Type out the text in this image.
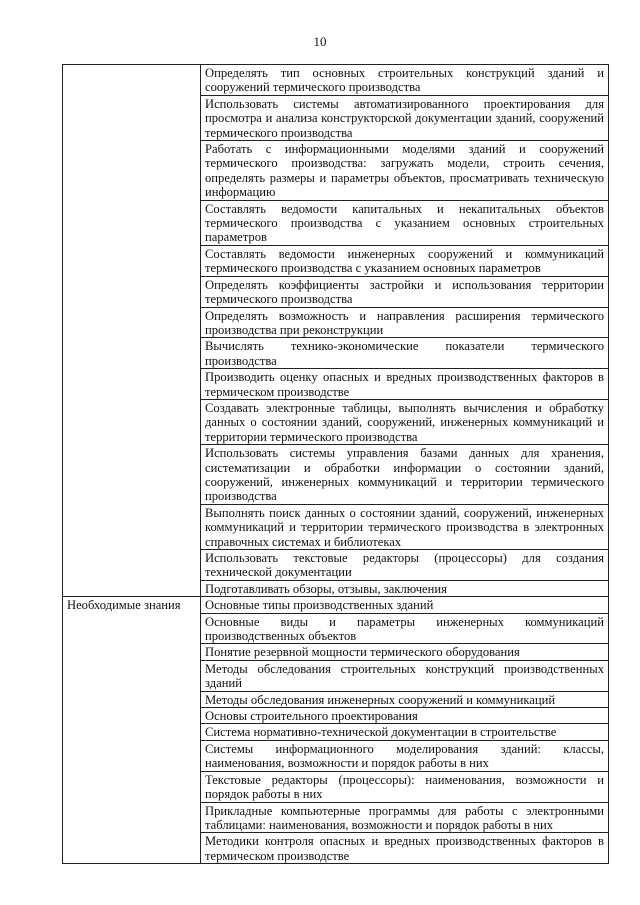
10
	Определять тип основных строительных конструкций зданий и сооружений термического производства
	Использовать системы автоматизированного проектирования для просмотра и анализа конструкторской документации зданий, сооружений термического производства
	Работать с информационными моделями зданий и сооружений термического производства: загружать модели, строить сечения, определять размеры и параметры объектов, просматривать техническую информацию
	Составлять ведомости капитальных и некапитальных объектов термического производства с указанием основных строительных параметров
	Составлять ведомости инженерных сооружений и коммуникаций термического производства с указанием основных параметров
	Определять коэффициенты застройки и использования территории термического производства
	Определять возможность и направления расширения термического производства при реконструкции
	Вычислять технико-экономические показатели термического производства
	Производить оценку опасных и вредных производственных факторов в термическом производстве
	Создавать электронные таблицы, выполнять вычисления и обработку данных о состоянии зданий, сооружений, инженерных коммуникаций и территории термического производства
	Использовать системы управления базами данных для хранения, систематизации и обработки информации о состоянии зданий, сооружений, инженерных коммуникаций и территории термического производства
	Выполнять поиск данных о состоянии зданий, сооружений, инженерных коммуникаций и территории термического производства в электронных справочных системах и библиотеках
	Использовать текстовые редакторы (процессоры) для создания технической документации
	Подготавливать обзоры, отзывы, заключения
Необходимые знания	Основные типы производственных зданий
	Основные виды и параметры инженерных коммуникаций производственных объектов
	Понятие резервной мощности термического оборудования
	Методы обследования строительных конструкций производственных зданий
	Методы обследования инженерных сооружений и коммуникаций
	Основы строительного проектирования
	Система нормативно-технической документации в строительстве
	Системы информационного моделирования зданий: классы, наименования, возможности и порядок работы в них
	Текстовые редакторы (процессоры): наименования, возможности и порядок работы в них
	Прикладные компьютерные программы для работы с электронными таблицами: наименования, возможности и порядок работы в них
	Методики контроля опасных и вредных производственных факторов в термическом производстве
